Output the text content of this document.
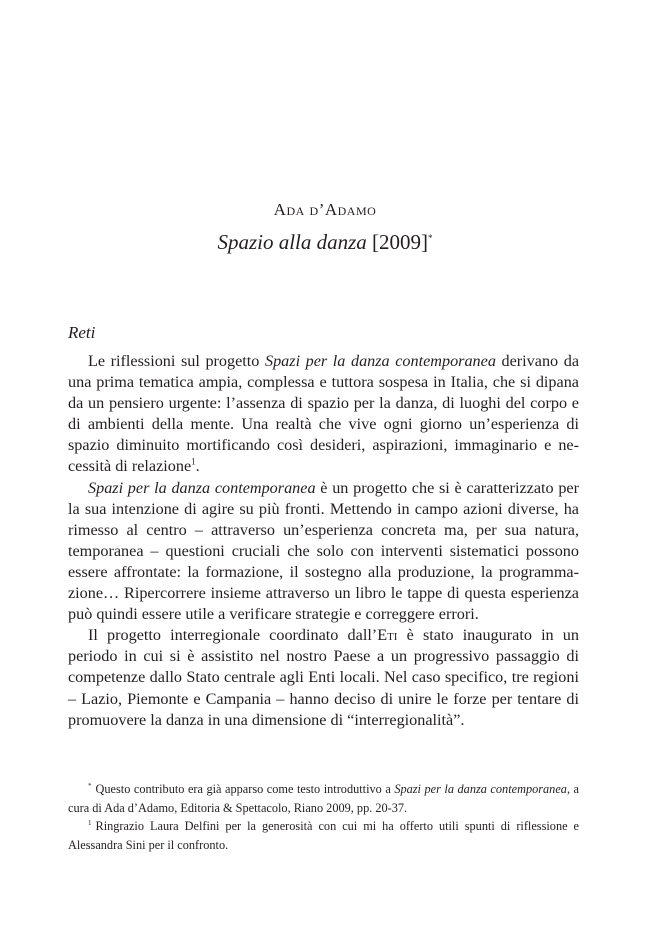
Ada d’Adamo
Spazio alla danza [2009]*
Reti

Le riflessioni sul progetto Spazi per la danza contemporanea derivano da una prima tematica ampia, complessa e tuttora sospesa in Italia, che si dipana da un pensiero urgente: l’assenza di spazio per la danza, di luoghi del corpo e di ambienti della mente. Una realtà che vive ogni giorno un’esperienza di spazio diminuito mortificando così desideri, aspirazioni, immaginario e necessità di relazione$^1$.

Spazi per la danza contemporanea è un progetto che si è caratterizzato per la sua intenzione di agire su più fronti. Mettendo in campo azioni diverse, ha rimesso al centro – attraverso un’esperienza concreta ma, per sua natura, temporanea – questioni cruciali che solo con interventi sistematici possono essere affrontate: la formazione, il sostegno alla produzione, la programmazione… Ripercorrere insieme attraverso un libro le tappe di questa esperienza può quindi essere utile a verificare strategie e correggere errori.

Il progetto interregionale coordinato dall’Eti è stato inaugurato in un periodo in cui si è assistito nel nostro Paese a un progressivo passaggio di competenze dallo Stato centrale agli Enti locali. Nel caso specifico, tre regioni – Lazio, Piemonte e Campania – hanno deciso di unire le forze per tentare di promuovere la danza in una dimensione di “interregionalità”.

* Questo contributo era già apparso come testo introduttivo a Spazi per la danza contemporanea, a cura di Ada d’Adamo, Editoria & Spettacolo, Riano 2009, pp. 20-37.

$^1$ Ringrazio Laura Delfini per la generosità con cui mi ha offerto utili spunti di riflessione e Alessandra Sini per il confronto.
